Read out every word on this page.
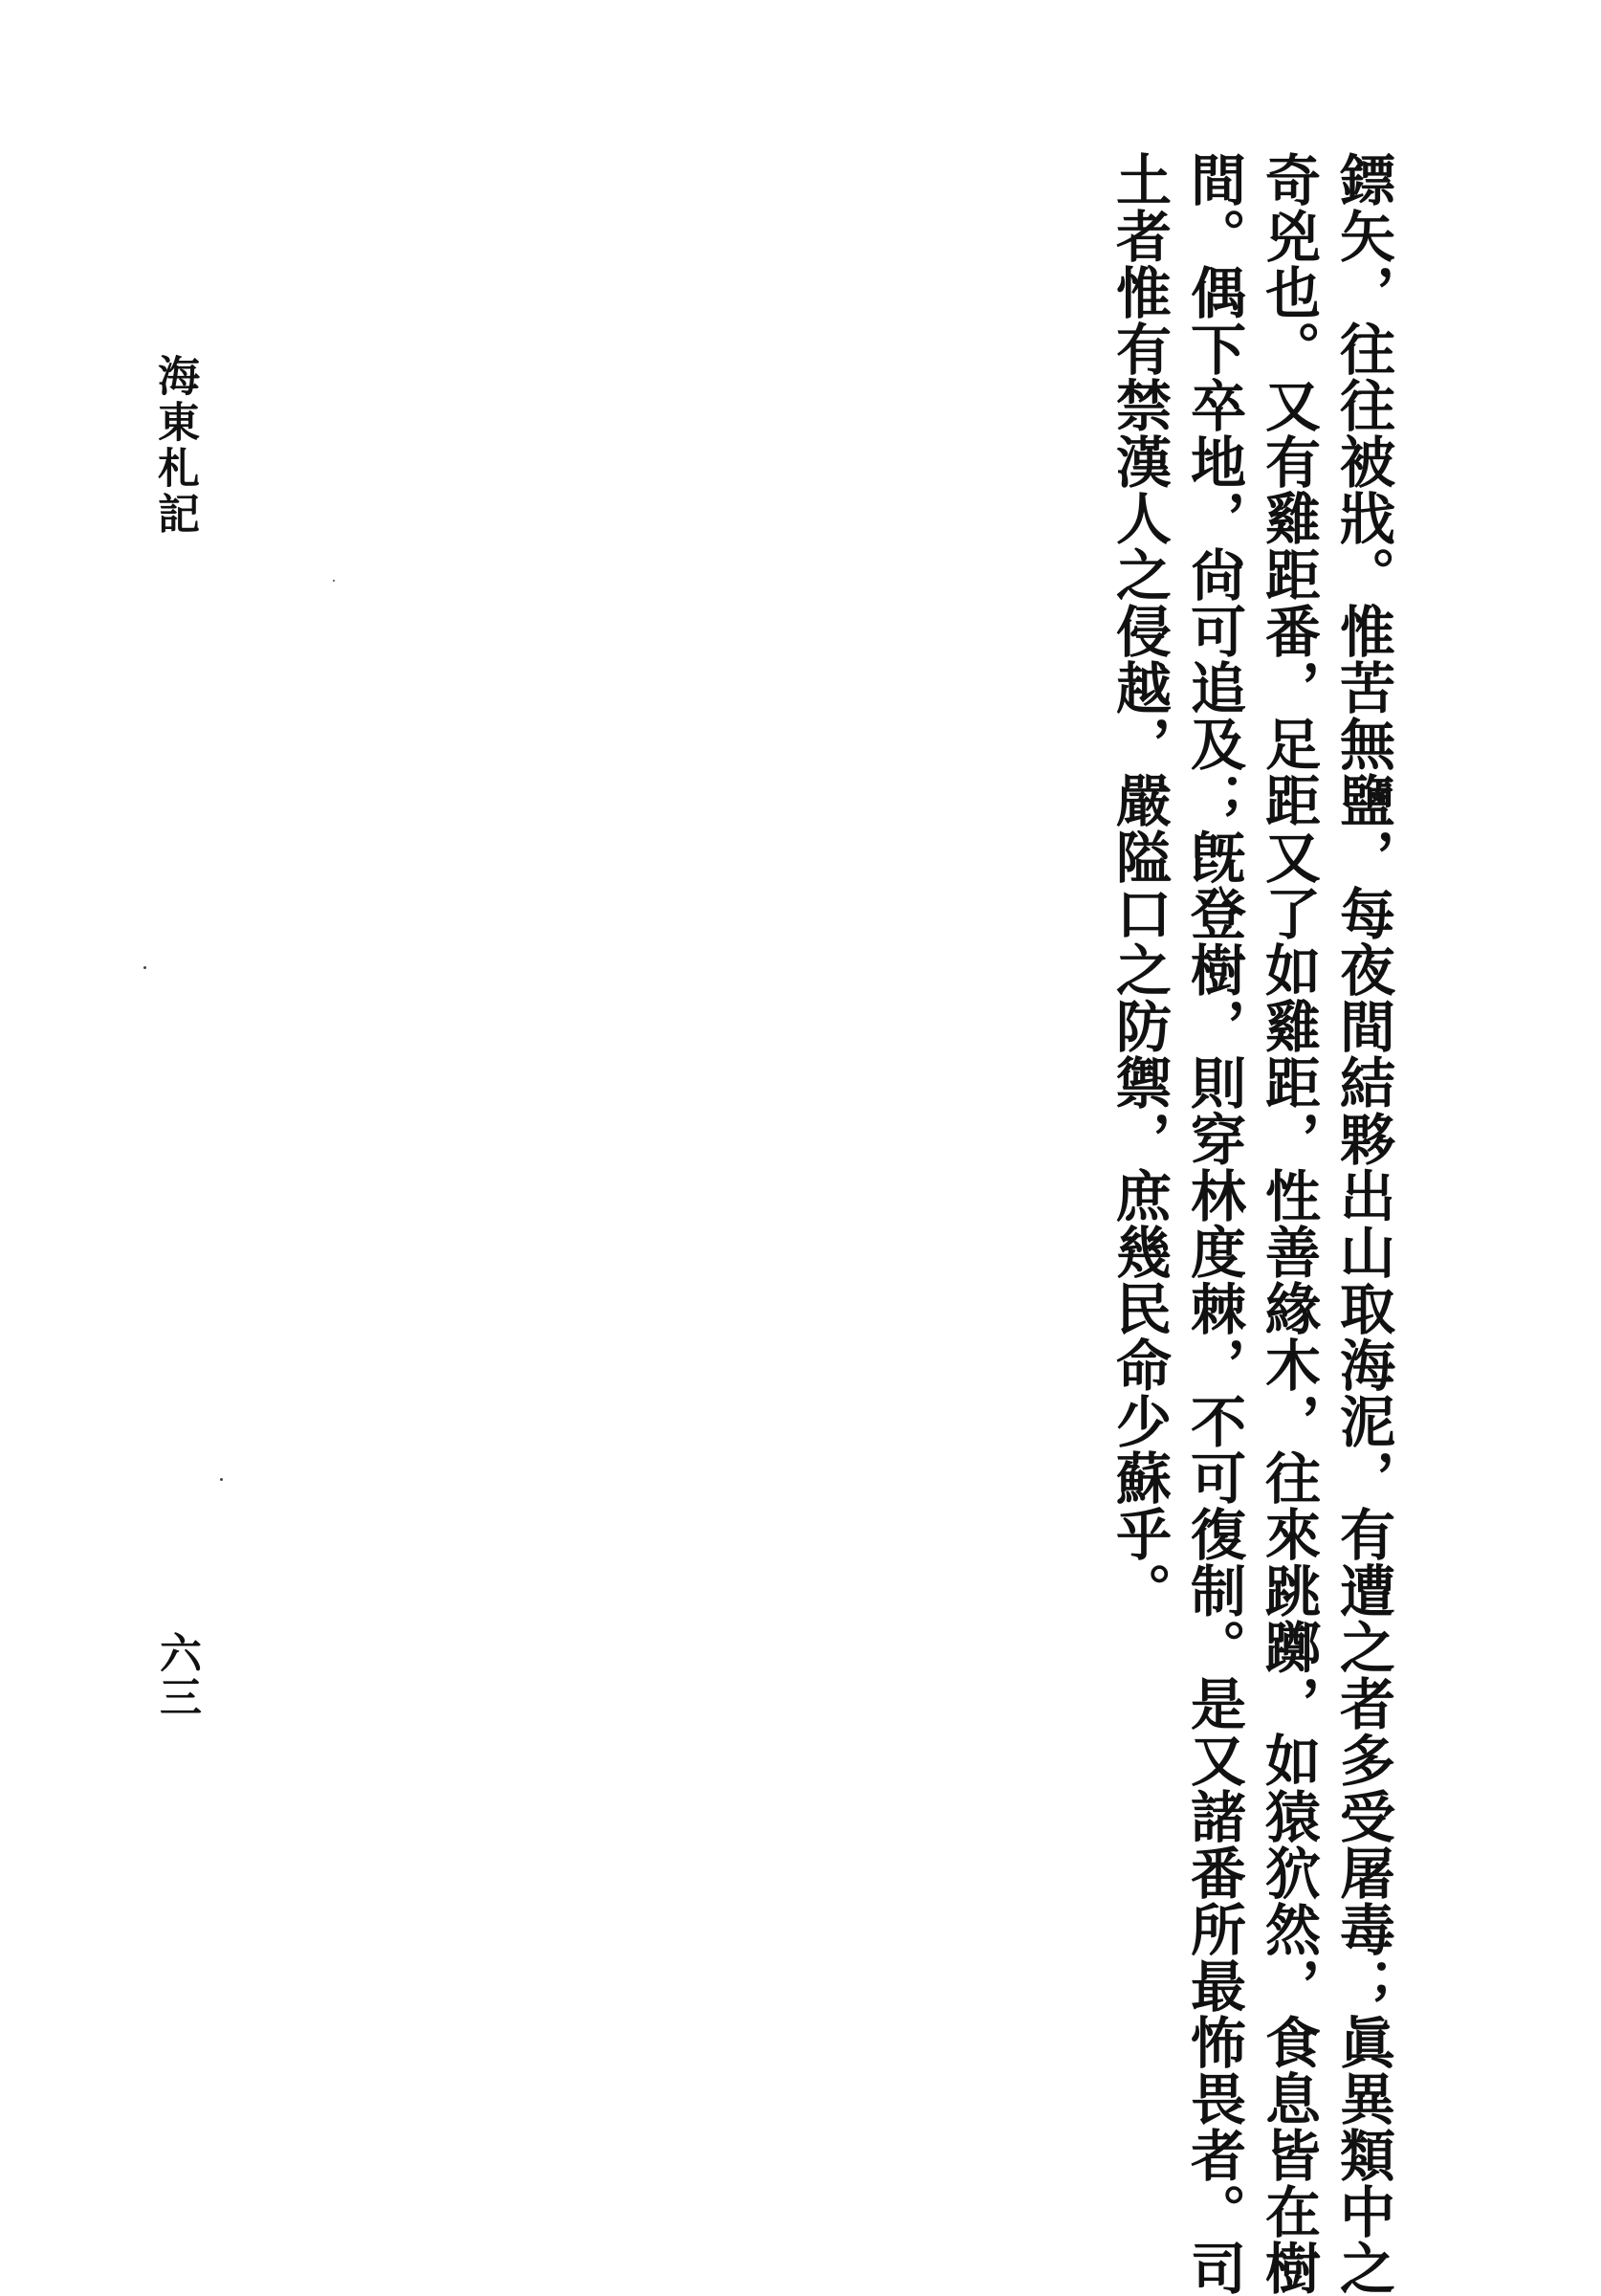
鏢矢，往往被戕。惟苦無鹽，每夜間結夥出山取海泥，有遭之者多受屠毒；眞異類中之
奇兇也。又有雞距番，足距又了如雞距，性善緣木，往來跳躑，如猿狖然，食息皆在樹
間。偶下卒地，尙可追及；旣登樹，則穿林度棘，不可復制。是又諸番所最怖畏者。司
土者惟有禁漢人之侵越，嚴隘口之防禦，庶幾民命少蘇乎。
海東札記
六三
